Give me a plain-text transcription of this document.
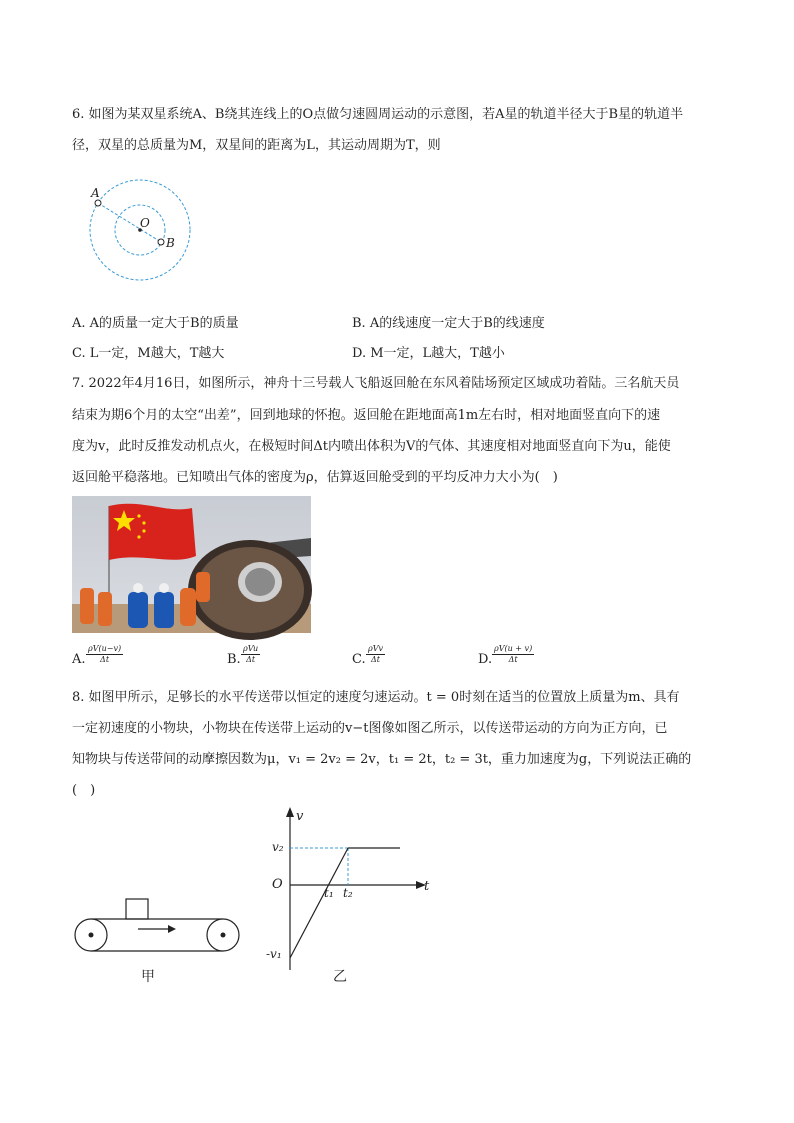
6. 如图为某双星系统A、B绕其连线上的O点做匀速圆周运动的示意图，若A星的轨道半径大于B星的轨道半
径，双星的总质量为M，双星间的距离为L，其运动周期为T，则
A
O
B
A. A的质量一定大于B的质量	B. A的线速度一定大于B的线速度
C. L一定，M越大，T越大	D. M一定，L越大，T越小
7. 2022年4月16日，如图所示，神舟十三号载人飞船返回舱在东风着陆场预定区域成功着陆。三名航天员
结束为期6个月的太空“出差”，回到地球的怀抱。返回舱在距地面高1m左右时，相对地面竖直向下的速
度为v，此时反推发动机点火，在极短时间Δt内喷出体积为V的气体、其速度相对地面竖直向下为u，能使
返回舱平稳落地。已知喷出气体的密度为ρ，估算返回舱受到的平均反冲力大小为(　)
A. $\frac{\rho V(u-v)}{\Delta t}$	B.
ρVu
Δt	C.
ρVv
Δt	D. $\frac{\rho V(u + v)}{\Delta t}$
8. 如图甲所示，足够长的水平传送带以恒定的速度匀速运动。t = 0时刻在适当的位置放上质量为m、具有
一定初速度的小物块，小物块在传送带上运动的v−t图像如图乙所示，以传送带运动的方向为正方向，已
知物块与传送带间的动摩擦因数为μ，v₁ = 2v₂ = 2v，t₁ = 2t，t₂ = 3t，重力加速度为g，下列说法正确的
(　)
甲
v
t
O
v₂
-v₁
t₁ t₂
乙
